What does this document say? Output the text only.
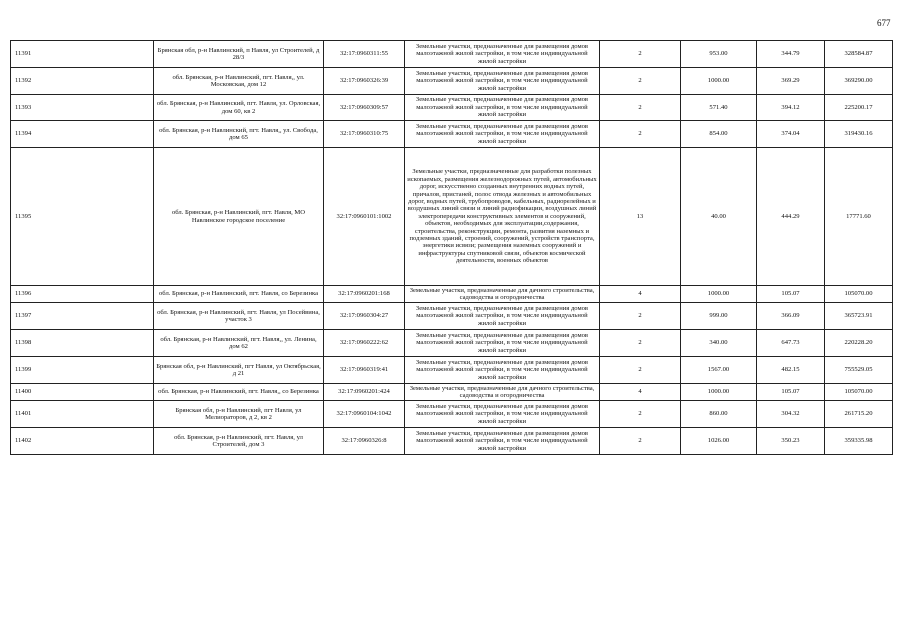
677
11391	Брянская обл, р-н Навлинский, п Навля, ул Строителей, д 28/3	32:17:0960311:55	Земельные участки, предназначенные для размещения домов малоэтажной жилой застройки, в том числе индивидуальной жилой застройки	2	953.00	344.79	328584.87
11392	обл. Брянская, р-н Навлинский, пгт. Навля,, ул. Московская, дом 12	32:17:0960326:39	Земельные участки, предназначенные для размещения домов малоэтажной жилой застройки, в том числе индивидуальной жилой застройки	2	1000.00	369.29	369290.00
11393	обл. Брянская, р-н Навлинский, пгт. Навля, ул. Орловская, дом 60, кв 2	32:17:0960309:57	Земельные участки, предназначенные для размещения домов малоэтажной жилой застройки, в том числе индивидуальной жилой застройки	2	571.40	394.12	225200.17
11394	обл. Брянская, р-н Навлинский, пгт. Навля,, ул. Свобода, дом 65	32:17:0960310:75	Земельные участки, предназначенные для размещения домов малоэтажной жилой застройки, в том числе индивидуальной жилой застройки	2	854.00	374.04	319430.16
11395	обл. Брянская, р-н Навлинский, пгт. Навля, МО Навлинское городское поселение	32:17:0960101:1002	Земельные участки, предназначенные для разработки полезных ископаемых, размещения железнодорожных путей, автомобильных дорог, искусственно созданных внутренних водных путей, причалов, пристаней, полос отвода железных и автомобильных дорог, водных путей, трубопроводов, кабельных, радиорелейных и воздушных линий связи и линий радиофикации, воздушных линий электропередачи конструктивных элементов и сооружений, объектов, необходимых для эксплуатации,содержания, строительства, реконструкции, ремонта, развития наземных и подземных зданий, строений, сооружений, устройств транспорта, энергетики исвязи; размещения наземных сооружений и инфраструктуры спутниковой связи, объектов космической деятельности, военных объектов	13	40.00	444.29	17771.60
11396	обл. Брянская, р-н Навлинский, пгт. Навля, со Березинка	32:17:0960201:168	Земельные участки, предназначенные для дачного строительства, садоводства и огородничества	4	1000.00	105.07	105070.00
11397	обл. Брянская, р-н Навлинский, пгт. Навля, ул Посейвина, участок 3	32:17:0960304:27	Земельные участки, предназначенные для размещения домов малоэтажной жилой застройки, в том числе индивидуальной жилой застройки	2	999.00	366.09	365723.91
11398	обл. Брянская, р-н Навлинский, пгт. Навля,, ул. Ленина, дом 62	32:17:0960222:62	Земельные участки, предназначенные для размещения домов малоэтажной жилой застройки, в том числе индивидуальной жилой застройки	2	340.00	647.73	220228.20
11399	Брянская обл, р-н Навлинский, пгт Навля, ул Октябрьская, д 21	32:17:0960319:41	Земельные участки, предназначенные для размещения домов малоэтажной жилой застройки, в том числе индивидуальной жилой застройки	2	1567.00	482.15	755529.05
11400	обл. Брянская, р-н Навлинский, пгт. Навля,, со Березинка	32:17:0960201:424	Земельные участки, предназначенные для дачного строительства, садоводства и огородничества	4	1000.00	105.07	105070.00
11401	Брянская обл, р-н Навлинский, пгт Навля, ул Мелиораторов, д 2, кв 2	32:17:0960104:1042	Земельные участки, предназначенные для размещения домов малоэтажной жилой застройки, в том числе индивидуальной жилой застройки	2	860.00	304.32	261715.20
11402	обл. Брянская, р-н Навлинский, пгт. Навля, ул Строителей, дом 3	32:17:0960326:8	Земельные участки, предназначенные для размещения домов малоэтажной жилой застройки, в том числе индивидуальной жилой застройки	2	1026.00	350.23	359335.98
